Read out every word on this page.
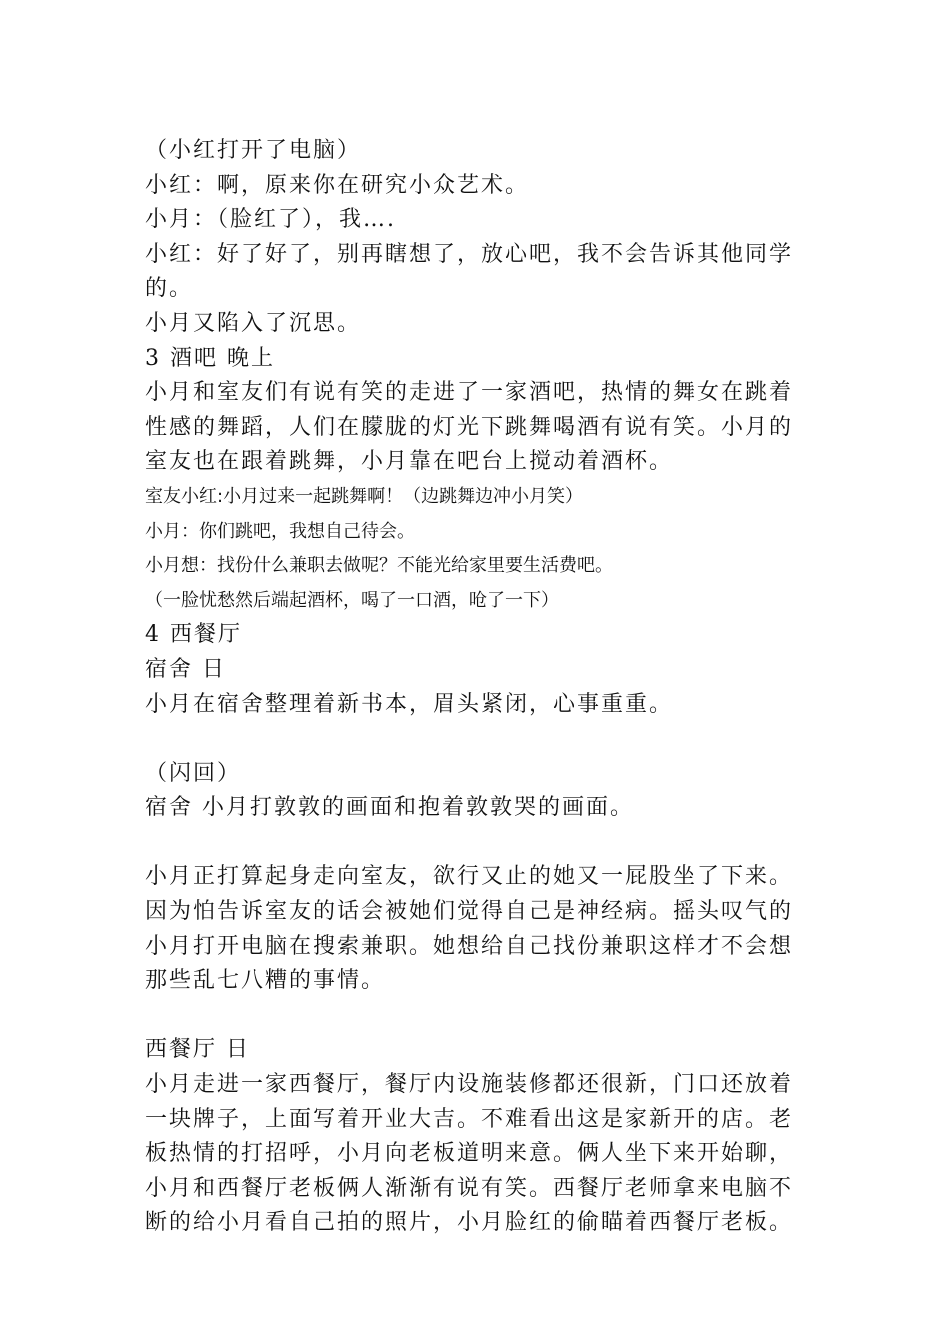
（小红打开了电脑）

小红：啊，原来你在研究小众艺术。

小月：（脸红了），我….

小红：好了好了，别再瞎想了，放心吧，我不会告诉其他同学

的。

小月又陷入了沉思。

3 酒吧 晚上

小月和室友们有说有笑的走进了一家酒吧，热情的舞女在跳着

性感的舞蹈，人们在朦胧的灯光下跳舞喝酒有说有笑。小月的

室友也在跟着跳舞，小月靠在吧台上搅动着酒杯。

室友小红:小月过来一起跳舞啊！（边跳舞边冲小月笑）

小月：你们跳吧，我想自己待会。

小月想：找份什么兼职去做呢？不能光给家里要生活费吧。

（一脸忧愁然后端起酒杯，喝了一口酒，呛了一下）

4 西餐厅

宿舍 日

小月在宿舍整理着新书本，眉头紧闭，心事重重。

（闪回）

宿舍 小月打敦敦的画面和抱着敦敦哭的画面。

小月正打算起身走向室友，欲行又止的她又一屁股坐了下来。

因为怕告诉室友的话会被她们觉得自己是神经病。摇头叹气的

小月打开电脑在搜索兼职。她想给自己找份兼职这样才不会想

那些乱七八糟的事情。

西餐厅 日

小月走进一家西餐厅，餐厅内设施装修都还很新，门口还放着

一块牌子，上面写着开业大吉。不难看出这是家新开的店。老

板热情的打招呼，小月向老板道明来意。俩人坐下来开始聊，

小月和西餐厅老板俩人渐渐有说有笑。西餐厅老师拿来电脑不

断的给小月看自己拍的照片，小月脸红的偷瞄着西餐厅老板。
